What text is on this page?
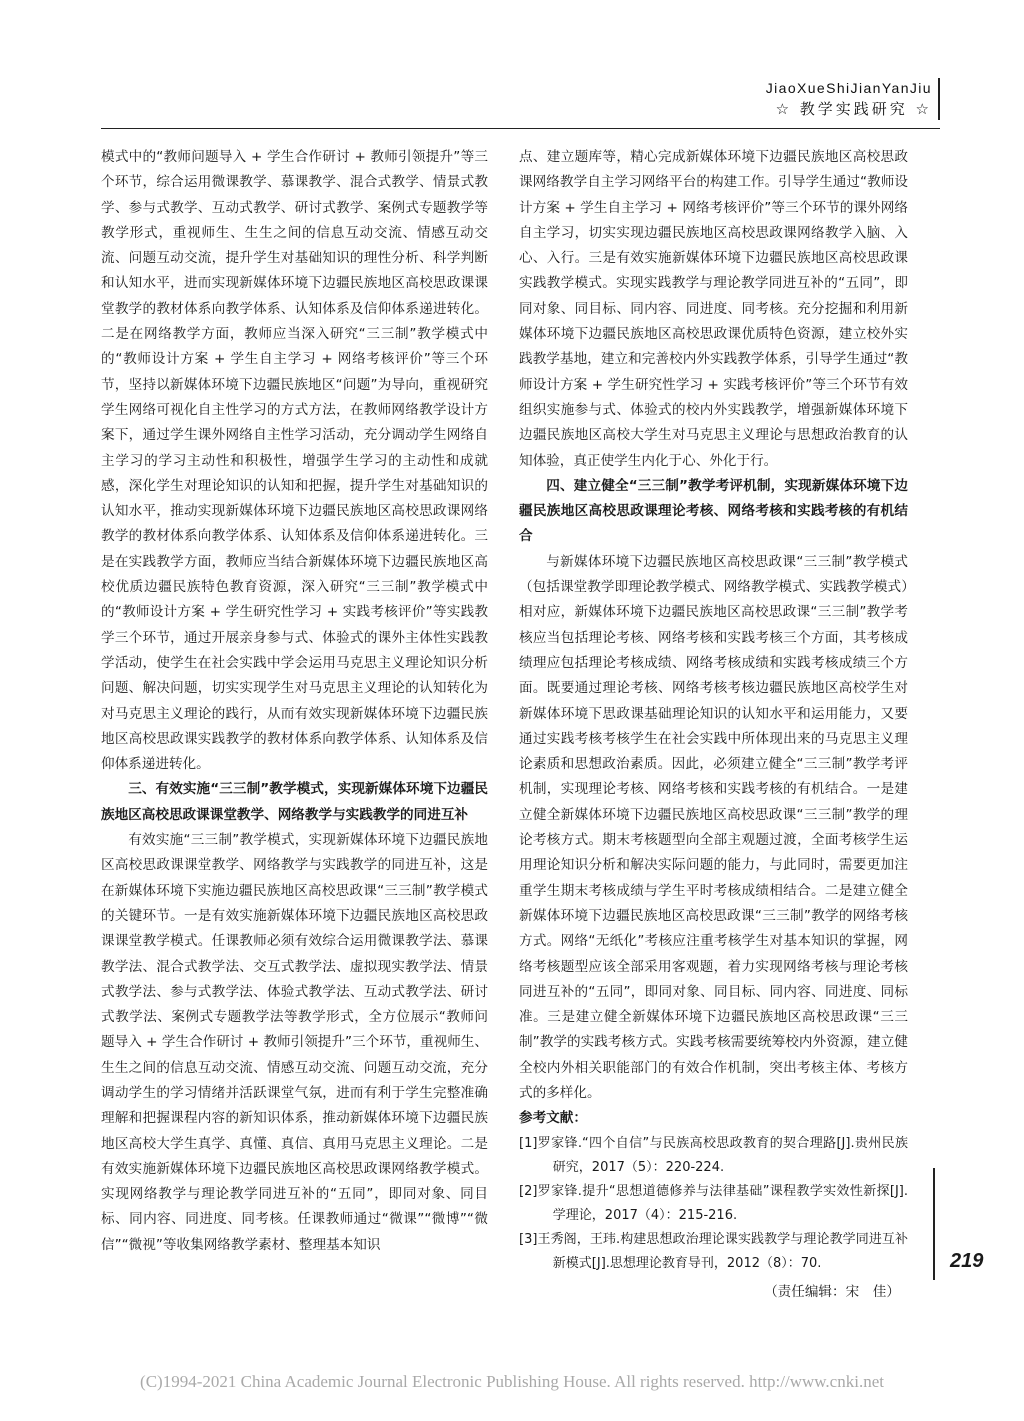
JiaoXueShiJianYanJiu
☆ 教学实践研究 ☆

模式中的“教师问题导入 + 学生合作研讨 + 教师引领提升”等三个环节，综合运用微课教学、慕课教学、混合式教学、情景式教学、参与式教学、互动式教学、研讨式教学、案例式专题教学等教学形式，重视师生、生生之间的信息互动交流、情感互动交流、问题互动交流，提升学生对基础知识的理性分析、科学判断和认知水平，进而实现新媒体环境下边疆民族地区高校思政课课堂教学的教材体系向教学体系、认知体系及信仰体系递进转化。二是在网络教学方面，教师应当深入研究“三三制”教学模式中的“教师设计方案 + 学生自主学习 + 网络考核评价”等三个环节，坚持以新媒体环境下边疆民族地区“问题”为导向，重视研究学生网络可视化自主性学习的方式方法，在教师网络教学设计方案下，通过学生课外网络自主性学习活动，充分调动学生网络自主学习的学习主动性和积极性，增强学生学习的主动性和成就感，深化学生对理论知识的认知和把握，提升学生对基础知识的认知水平，推动实现新媒体环境下边疆民族地区高校思政课网络教学的教材体系向教学体系、认知体系及信仰体系递进转化。三是在实践教学方面，教师应当结合新媒体环境下边疆民族地区高校优质边疆民族特色教育资源，深入研究“三三制”教学模式中的“教师设计方案 + 学生研究性学习 + 实践考核评价”等实践教学三个环节，通过开展亲身参与式、体验式的课外主体性实践教学活动，使学生在社会实践中学会运用马克思主义理论知识分析问题、解决问题，切实实现学生对马克思主义理论的认知转化为对马克思主义理论的践行，从而有效实现新媒体环境下边疆民族地区高校思政课实践教学的教材体系向教学体系、认知体系及信仰体系递进转化。

三、有效实施“三三制”教学模式，实现新媒体环境下边疆民族地区高校思政课课堂教学、网络教学与实践教学的同进互补

有效实施“三三制”教学模式，实现新媒体环境下边疆民族地区高校思政课课堂教学、网络教学与实践教学的同进互补，这是在新媒体环境下实施边疆民族地区高校思政课“三三制”教学模式的关键环节。一是有效实施新媒体环境下边疆民族地区高校思政课课堂教学模式。任课教师必须有效综合运用微课教学法、慕课教学法、混合式教学法、交互式教学法、虚拟现实教学法、情景式教学法、参与式教学法、体验式教学法、互动式教学法、研讨式教学法、案例式专题教学法等教学形式，全方位展示“教师问题导入 + 学生合作研讨 + 教师引领提升”三个环节，重视师生、生生之间的信息互动交流、情感互动交流、问题互动交流，充分调动学生的学习情绪并活跃课堂气氛，进而有利于学生完整准确理解和把握课程内容的新知识体系，推动新媒体环境下边疆民族地区高校大学生真学、真懂、真信、真用马克思主义理论。二是有效实施新媒体环境下边疆民族地区高校思政课网络教学模式。实现网络教学与理论教学同进互补的“五同”，即同对象、同目标、同内容、同进度、同考核。任课教师通过“微课”“微博”“微信”“微视”等收集网络教学素材、整理基本知识

点、建立题库等，精心完成新媒体环境下边疆民族地区高校思政课网络教学自主学习网络平台的构建工作。引导学生通过“教师设计方案 + 学生自主学习 + 网络考核评价”等三个环节的课外网络自主学习，切实实现边疆民族地区高校思政课网络教学入脑、入心、入行。三是有效实施新媒体环境下边疆民族地区高校思政课实践教学模式。实现实践教学与理论教学同进互补的“五同”，即同对象、同目标、同内容、同进度、同考核。充分挖掘和利用新媒体环境下边疆民族地区高校思政课优质特色资源，建立校外实践教学基地，建立和完善校内外实践教学体系，引导学生通过“教师设计方案 + 学生研究性学习 + 实践考核评价”等三个环节有效组织实施参与式、体验式的校内外实践教学，增强新媒体环境下边疆民族地区高校大学生对马克思主义理论与思想政治教育的认知体验，真正使学生内化于心、外化于行。

四、建立健全“三三制”教学考评机制，实现新媒体环境下边疆民族地区高校思政课理论考核、网络考核和实践考核的有机结合

与新媒体环境下边疆民族地区高校思政课“三三制”教学模式（包括课堂教学即理论教学模式、网络教学模式、实践教学模式）相对应，新媒体环境下边疆民族地区高校思政课“三三制”教学考核应当包括理论考核、网络考核和实践考核三个方面，其考核成绩理应包括理论考核成绩、网络考核成绩和实践考核成绩三个方面。既要通过理论考核、网络考核考核边疆民族地区高校学生对新媒体环境下思政课基础理论知识的认知水平和运用能力，又要通过实践考核考核学生在社会实践中所体现出来的马克思主义理论素质和思想政治素质。因此，必须建立健全“三三制”教学考评机制，实现理论考核、网络考核和实践考核的有机结合。一是建立健全新媒体环境下边疆民族地区高校思政课“三三制”教学的理论考核方式。期末考核题型向全部主观题过渡，全面考核学生运用理论知识分析和解决实际问题的能力，与此同时，需要更加注重学生期末考核成绩与学生平时考核成绩相结合。二是建立健全新媒体环境下边疆民族地区高校思政课“三三制”教学的网络考核方式。网络“无纸化”考核应注重考核学生对基本知识的掌握，网络考核题型应该全部采用客观题，着力实现网络考核与理论考核同进互补的“五同”，即同对象、同目标、同内容、同进度、同标准。三是建立健全新媒体环境下边疆民族地区高校思政课“三三制”教学的实践考核方式。实践考核需要统筹校内外资源，建立健全校内外相关职能部门的有效合作机制，突出考核主体、考核方式的多样化。

参考文献：

[1]罗家锋.“四个自信”与民族高校思政教育的契合理路[J].贵州民族研究，2017（5）：220-224.

[2]罗家锋.提升“思想道德修养与法律基础”课程教学实效性新探[J].学理论，2017（4）：215-216.

[3]王秀阁，王玮.构建思想政治理论课实践教学与理论教学同进互补新模式[J].思想理论教育导刊，2012（8）：70.

（责任编辑：宋　佳）

219
(C)1994-2021 China Academic Journal Electronic Publishing House. All rights reserved. http://www.cnki.net
